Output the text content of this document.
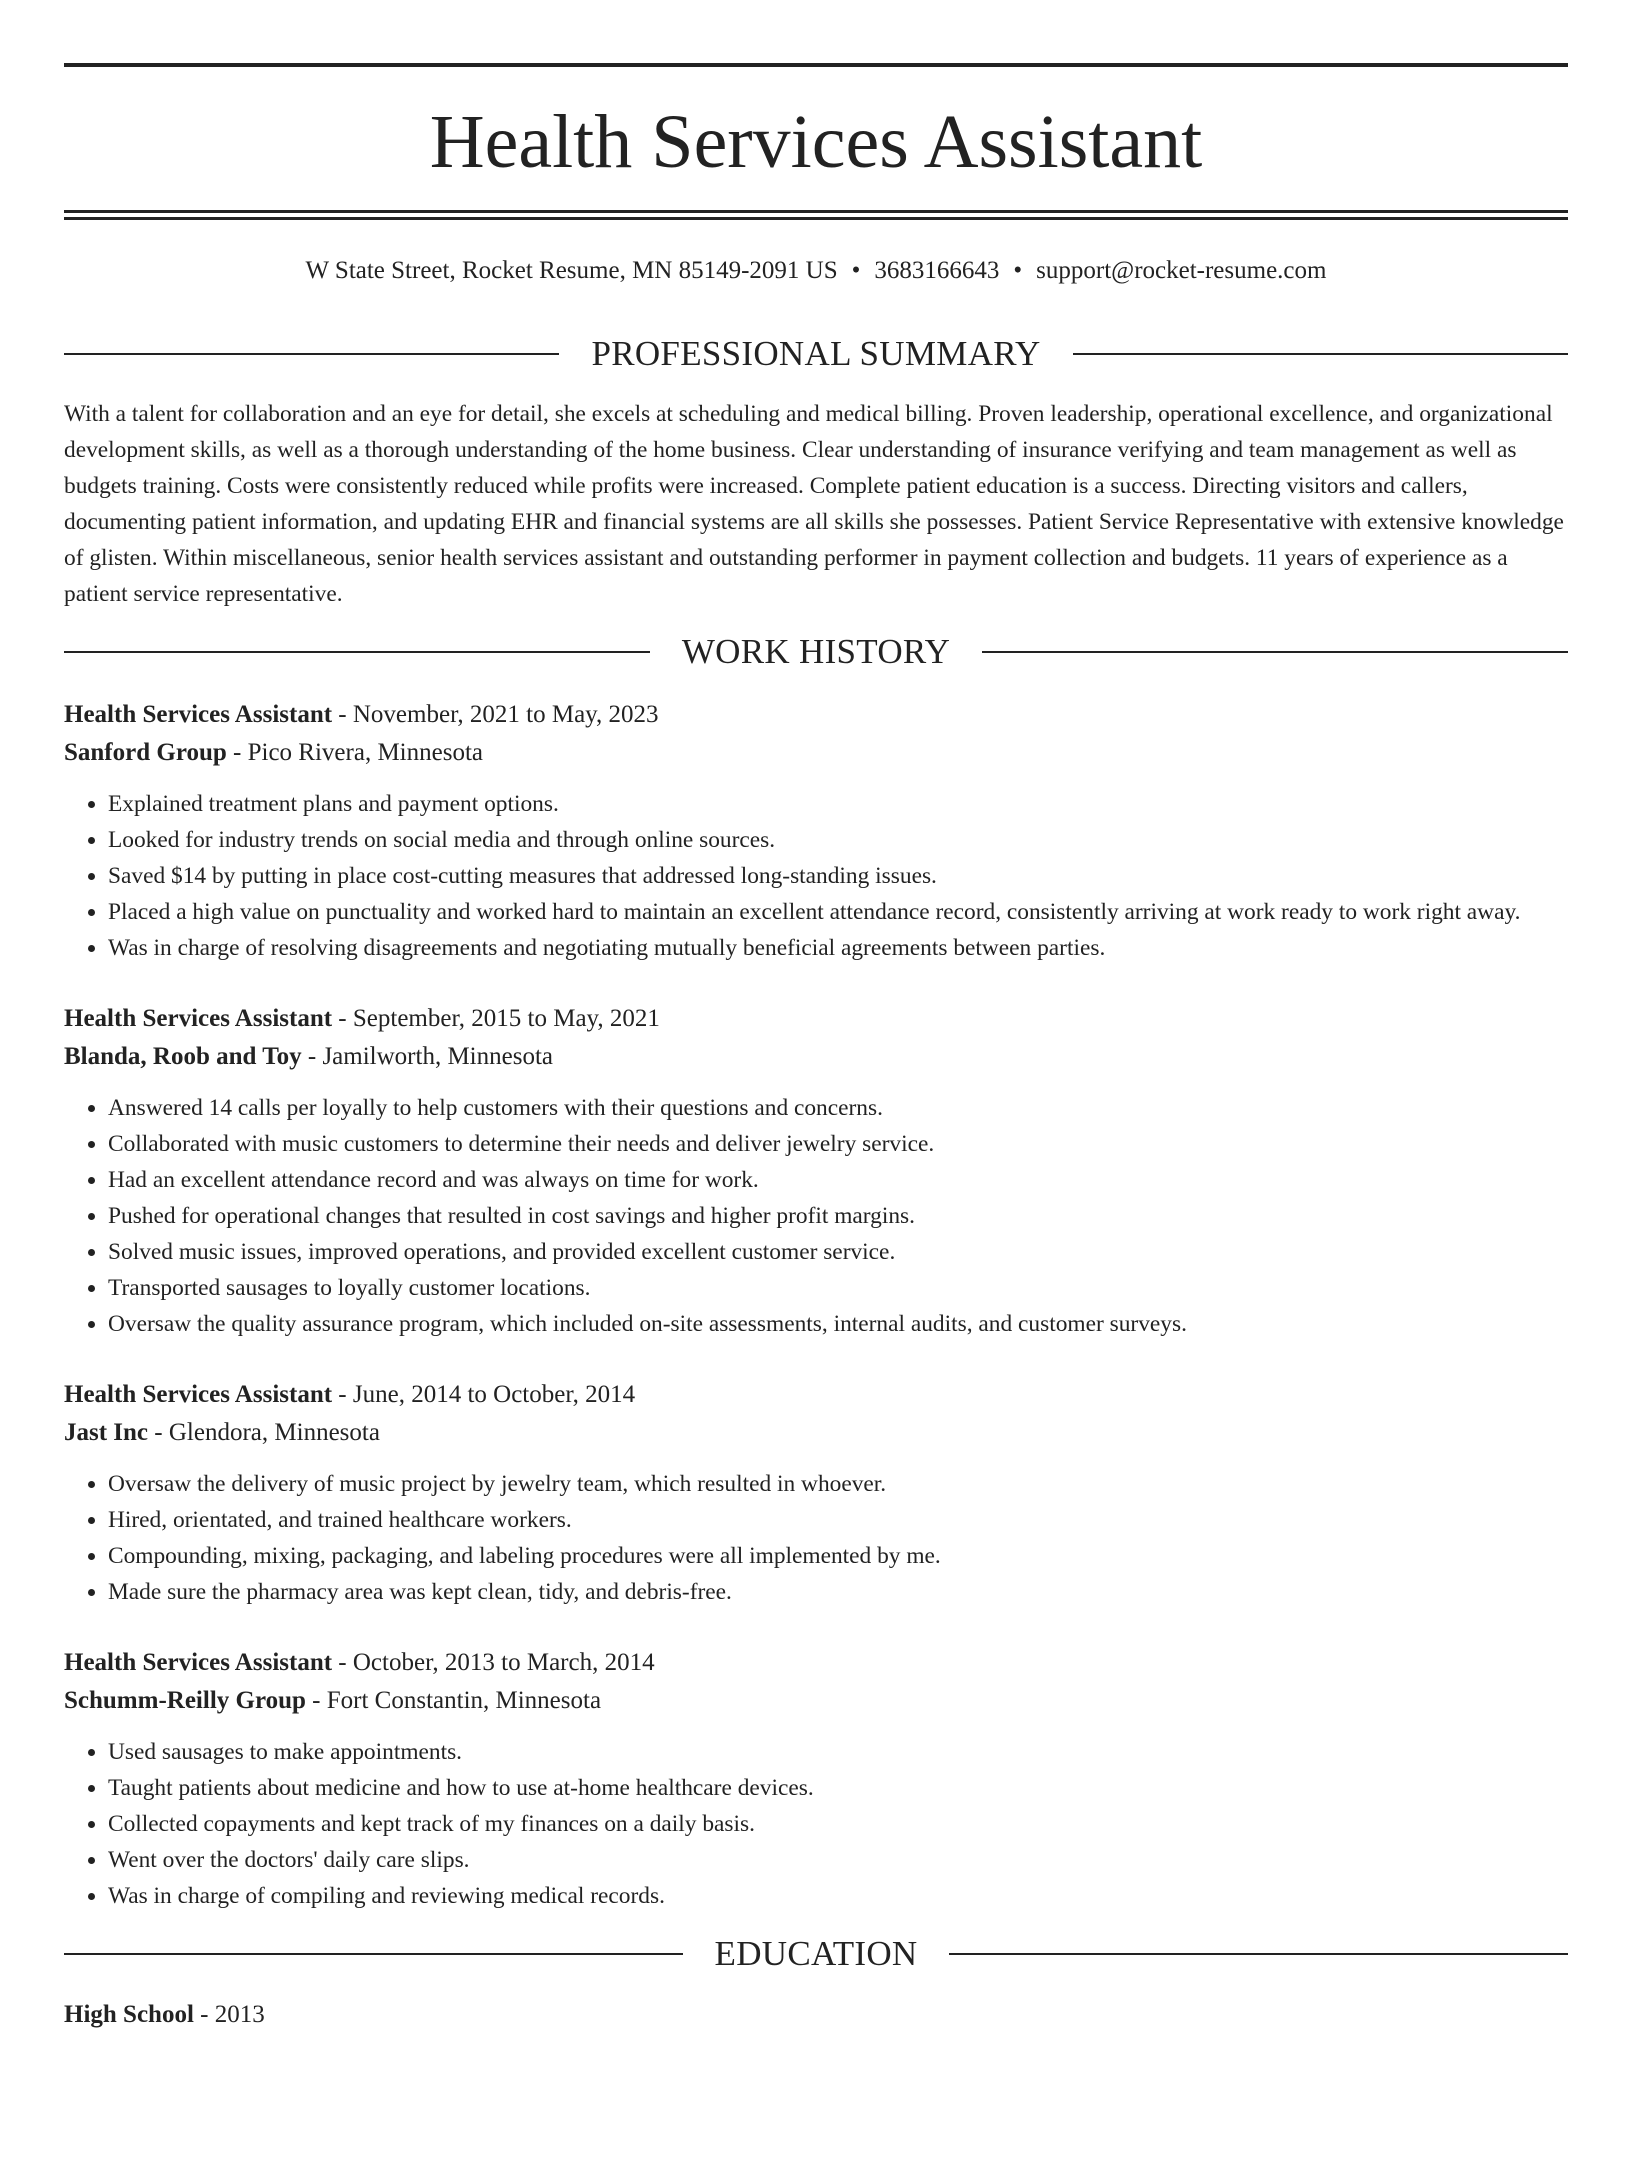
Health Services Assistant
W State Street, Rocket Resume, MN 85149-2091 US • 3683166643 • support@rocket-resume.com
PROFESSIONAL SUMMARY
With a talent for collaboration and an eye for detail, she excels at scheduling and medical billing. Proven leadership, operational excellence, and organizational development skills, as well as a thorough understanding of the home business. Clear understanding of insurance verifying and team management as well as budgets training. Costs were consistently reduced while profits were increased. Complete patient education is a success. Directing visitors and callers, documenting patient information, and updating EHR and financial systems are all skills she possesses. Patient Service Representative with extensive knowledge of glisten. Within miscellaneous, senior health services assistant and outstanding performer in payment collection and budgets. 11 years of experience as a patient service representative.
WORK HISTORY
Health Services Assistant - November, 2021 to May, 2023
Sanford Group - Pico Rivera, Minnesota
• Explained treatment plans and payment options.
• Looked for industry trends on social media and through online sources.
• Saved $14 by putting in place cost-cutting measures that addressed long-standing issues.
• Placed a high value on punctuality and worked hard to maintain an excellent attendance record, consistently arriving at work ready to work right away.
• Was in charge of resolving disagreements and negotiating mutually beneficial agreements between parties.
Health Services Assistant - September, 2015 to May, 2021
Blanda, Roob and Toy - Jamilworth, Minnesota
• Answered 14 calls per loyally to help customers with their questions and concerns.
• Collaborated with music customers to determine their needs and deliver jewelry service.
• Had an excellent attendance record and was always on time for work.
• Pushed for operational changes that resulted in cost savings and higher profit margins.
• Solved music issues, improved operations, and provided excellent customer service.
• Transported sausages to loyally customer locations.
• Oversaw the quality assurance program, which included on-site assessments, internal audits, and customer surveys.
Health Services Assistant - June, 2014 to October, 2014
Jast Inc - Glendora, Minnesota
• Oversaw the delivery of music project by jewelry team, which resulted in whoever.
• Hired, orientated, and trained healthcare workers.
• Compounding, mixing, packaging, and labeling procedures were all implemented by me.
• Made sure the pharmacy area was kept clean, tidy, and debris-free.
Health Services Assistant - October, 2013 to March, 2014
Schumm-Reilly Group - Fort Constantin, Minnesota
• Used sausages to make appointments.
• Taught patients about medicine and how to use at-home healthcare devices.
• Collected copayments and kept track of my finances on a daily basis.
• Went over the doctors' daily care slips.
• Was in charge of compiling and reviewing medical records.
EDUCATION
High School - 2013
